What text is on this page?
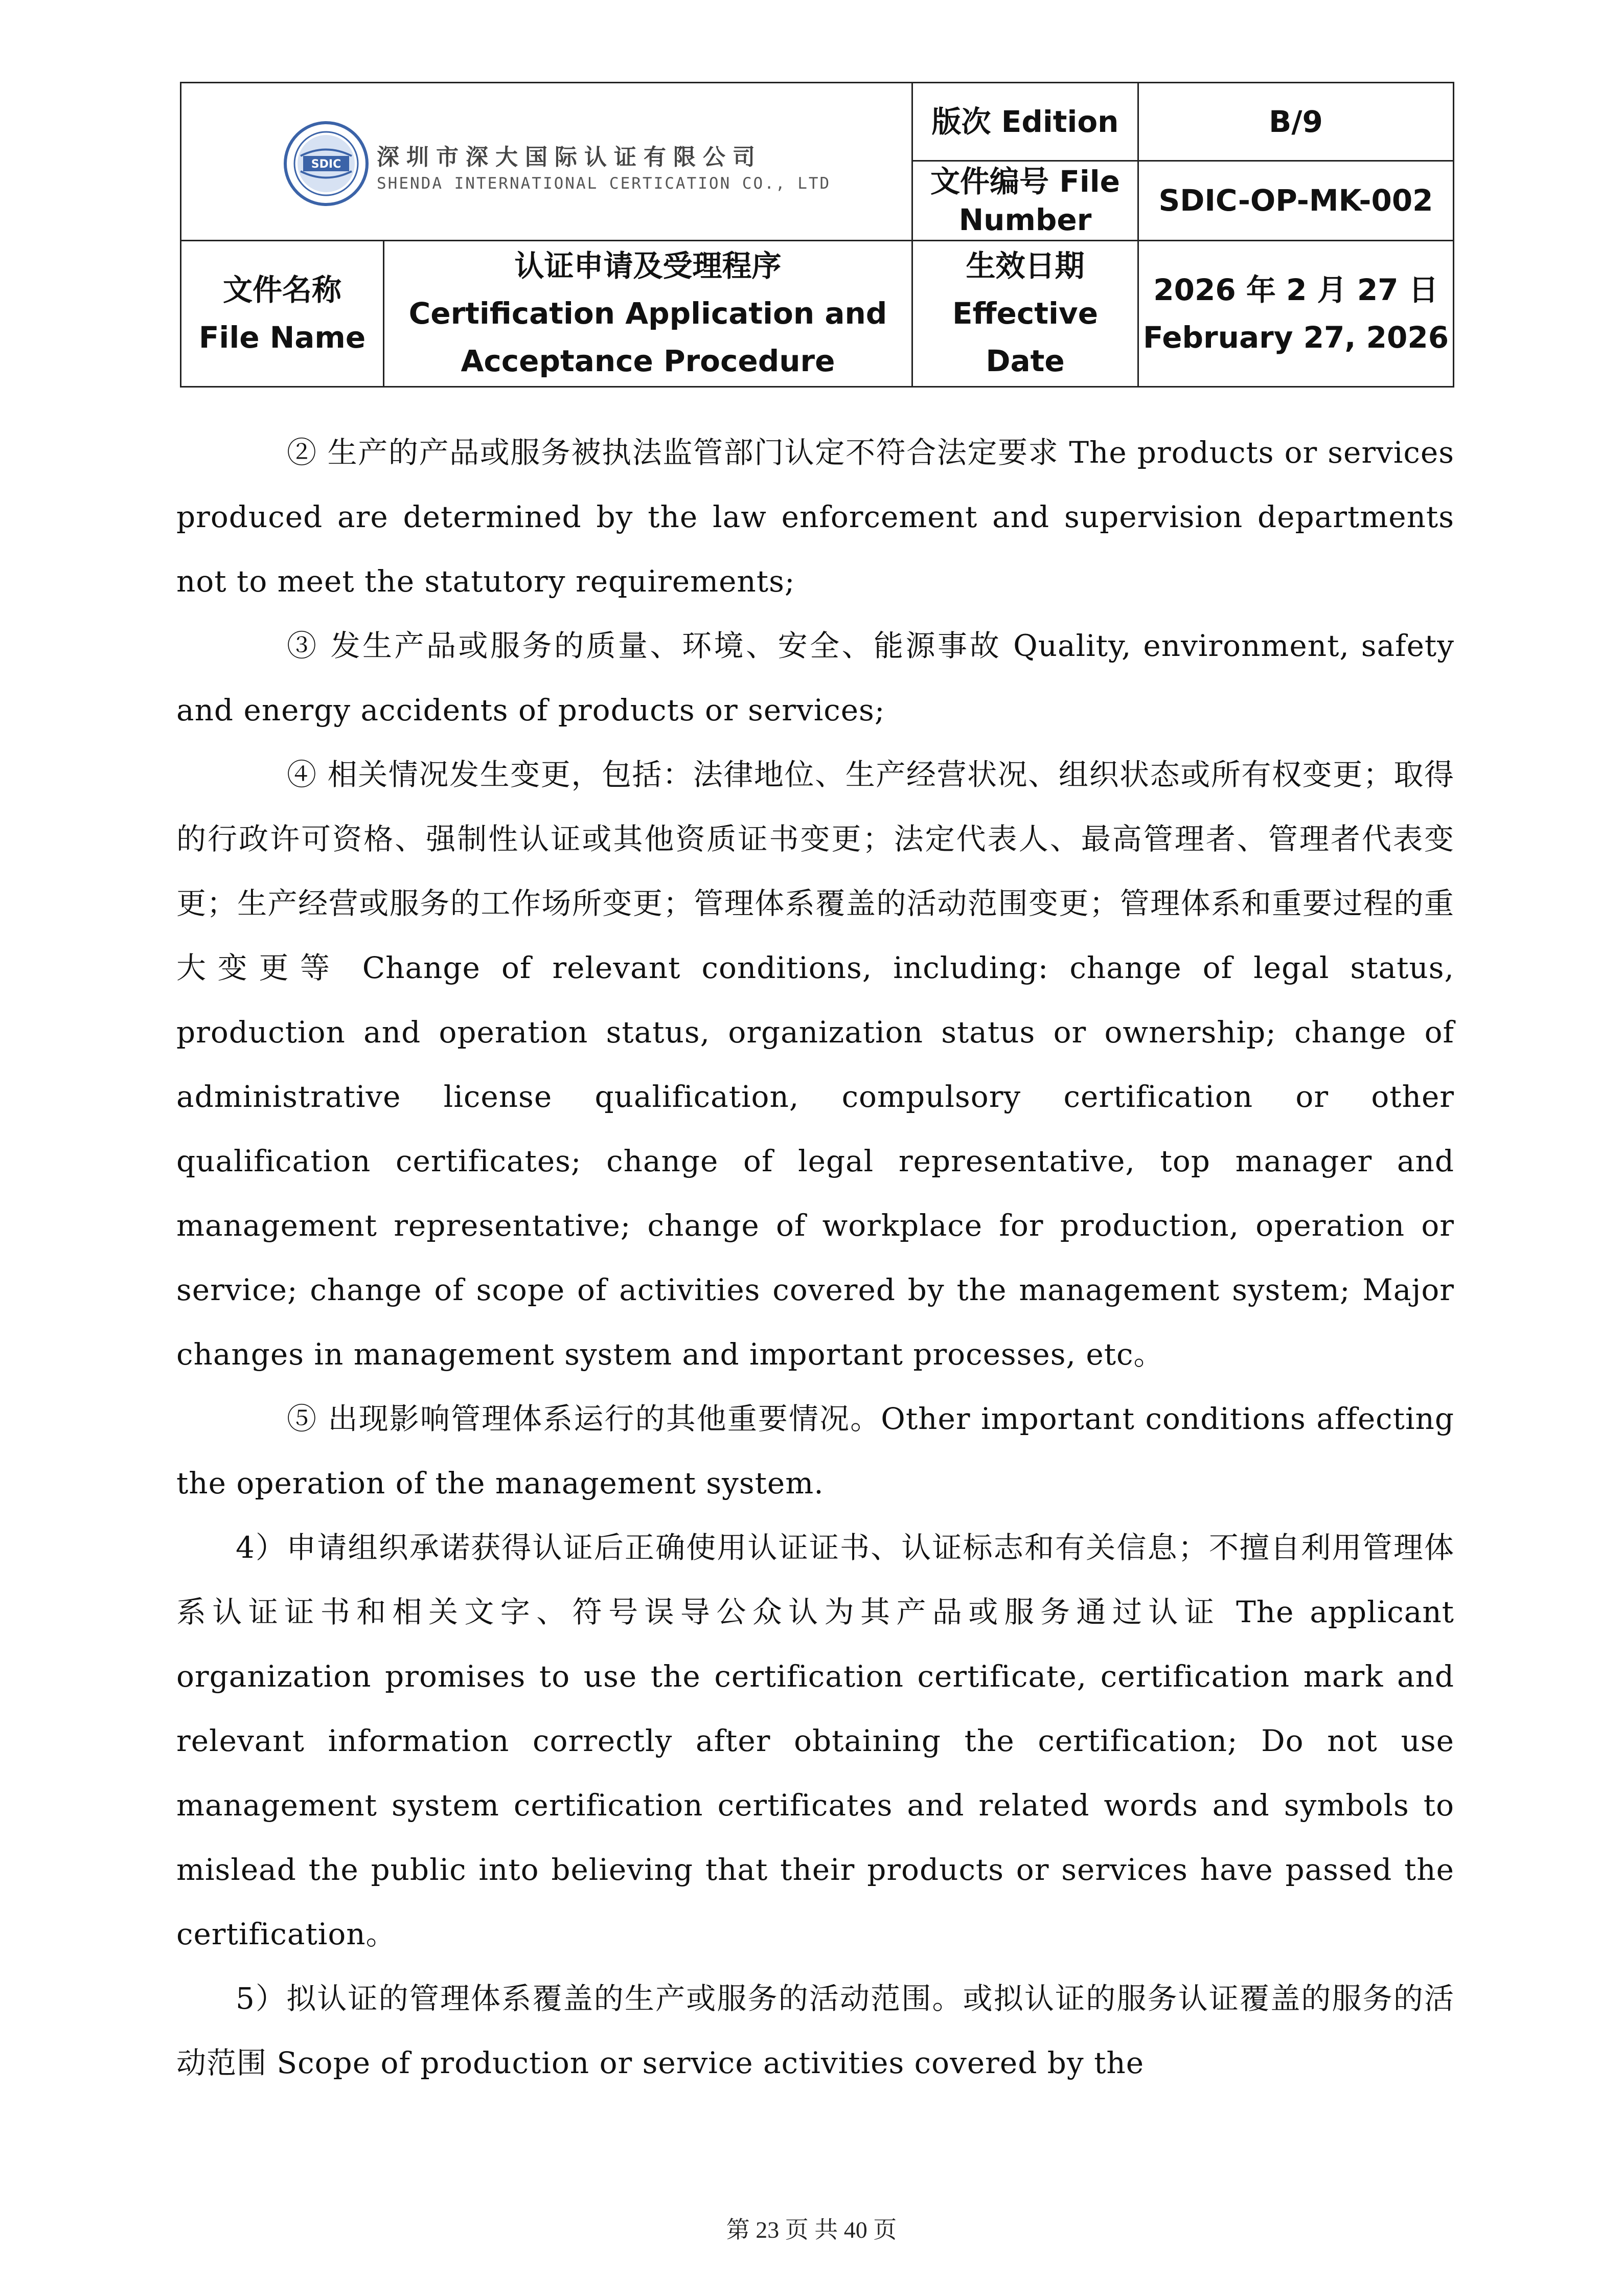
SDIC 深圳市深大国际认证有限公司
SHENDA INTERNATIONAL CERTICATION CO., LTD
版次 Edition	B/9
文件编号 File
Number
SDIC-OP-MK-002
文件名称
File Name
认证申请及受理程序
Certification Application and
Acceptance Procedure
生效日期
Effective
Date
2026 年 2 月 27 日
February 27, 2026

② 生产的产品或服务被执法监管部门认定不符合法定要求 The products or services produced are determined by the law enforcement and supervision departments not to meet the statutory requirements;

③ 发生产品或服务的质量、环境、安全、能源事故 Quality, environment, safety and energy accidents of products or services;

④ 相关情况发生变更，包括：法律地位、生产经营状况、组织状态或所有权变更；取得的行政许可资格、强制性认证或其他资质证书变更；法定代表人、最高管理者、管理者代表变更；生产经营或服务的工作场所变更；管理体系覆盖的活动范围变更；管理体系和重要过程的重大变更等 Change of relevant conditions, including: change of legal status, production and operation status, organization status or ownership; change of administrative license qualification, compulsory certification or other qualification certificates; change of legal representative, top manager and management representative; change of workplace for production, operation or service; change of scope of activities covered by the management system; Major changes in management system and important processes, etc。

⑤ 出现影响管理体系运行的其他重要情况。Other important conditions affecting the operation of the management system.

4）申请组织承诺获得认证后正确使用认证证书、认证标志和有关信息；不擅自利用管理体系认证证书和相关文字、符号误导公众认为其产品或服务通过认证 The applicant organization promises to use the certification certificate, certification mark and relevant information correctly after obtaining the certification; Do not use management system certification certificates and related words and symbols to mislead the public into believing that their products or services have passed the certification。

5）拟认证的管理体系覆盖的生产或服务的活动范围。或拟认证的服务认证覆盖的服务的活动范围 Scope of production or service activities covered by the

第 23 页 共 40 页
